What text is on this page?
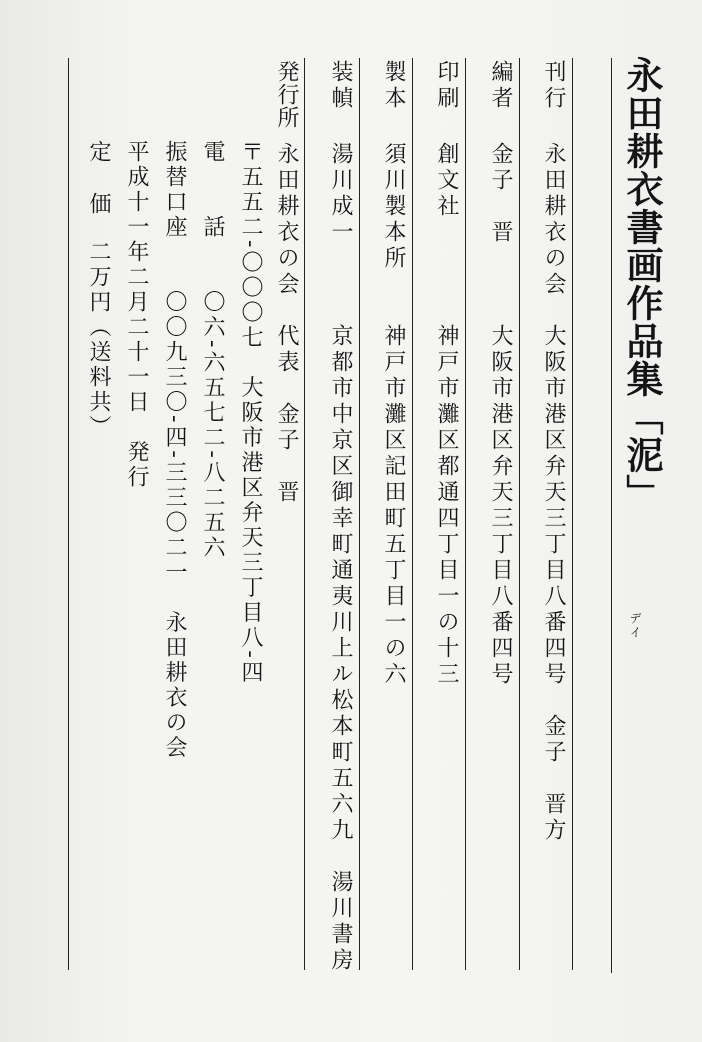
永田耕衣書画作品集「泥」
デイ
刊行
永田耕衣の会　大阪市港区弁天三丁目八番四号　金子　晋方
編者
金子　晋　　　大阪市港区弁天三丁目八番四号
印刷
創文社　　　　神戸市灘区都通四丁目一の十三
製本
須川製本所　　神戸市灘区記田町五丁目一の六
装幀
湯川成一　　　京都市中京区御幸町通夷川上ル松本町五六九　湯川書房
発行所
永田耕衣の会　代表　金子　晋
〒五五二-〇〇〇七　大阪市港区弁天三丁目八-四
電　　話　　〇六-六五七二-八二五六
振替口座　　〇〇九三〇-四-三三〇二一　永田耕衣の会
平成十一年二月二十一日　発行
定　価
二万円（送料共）
